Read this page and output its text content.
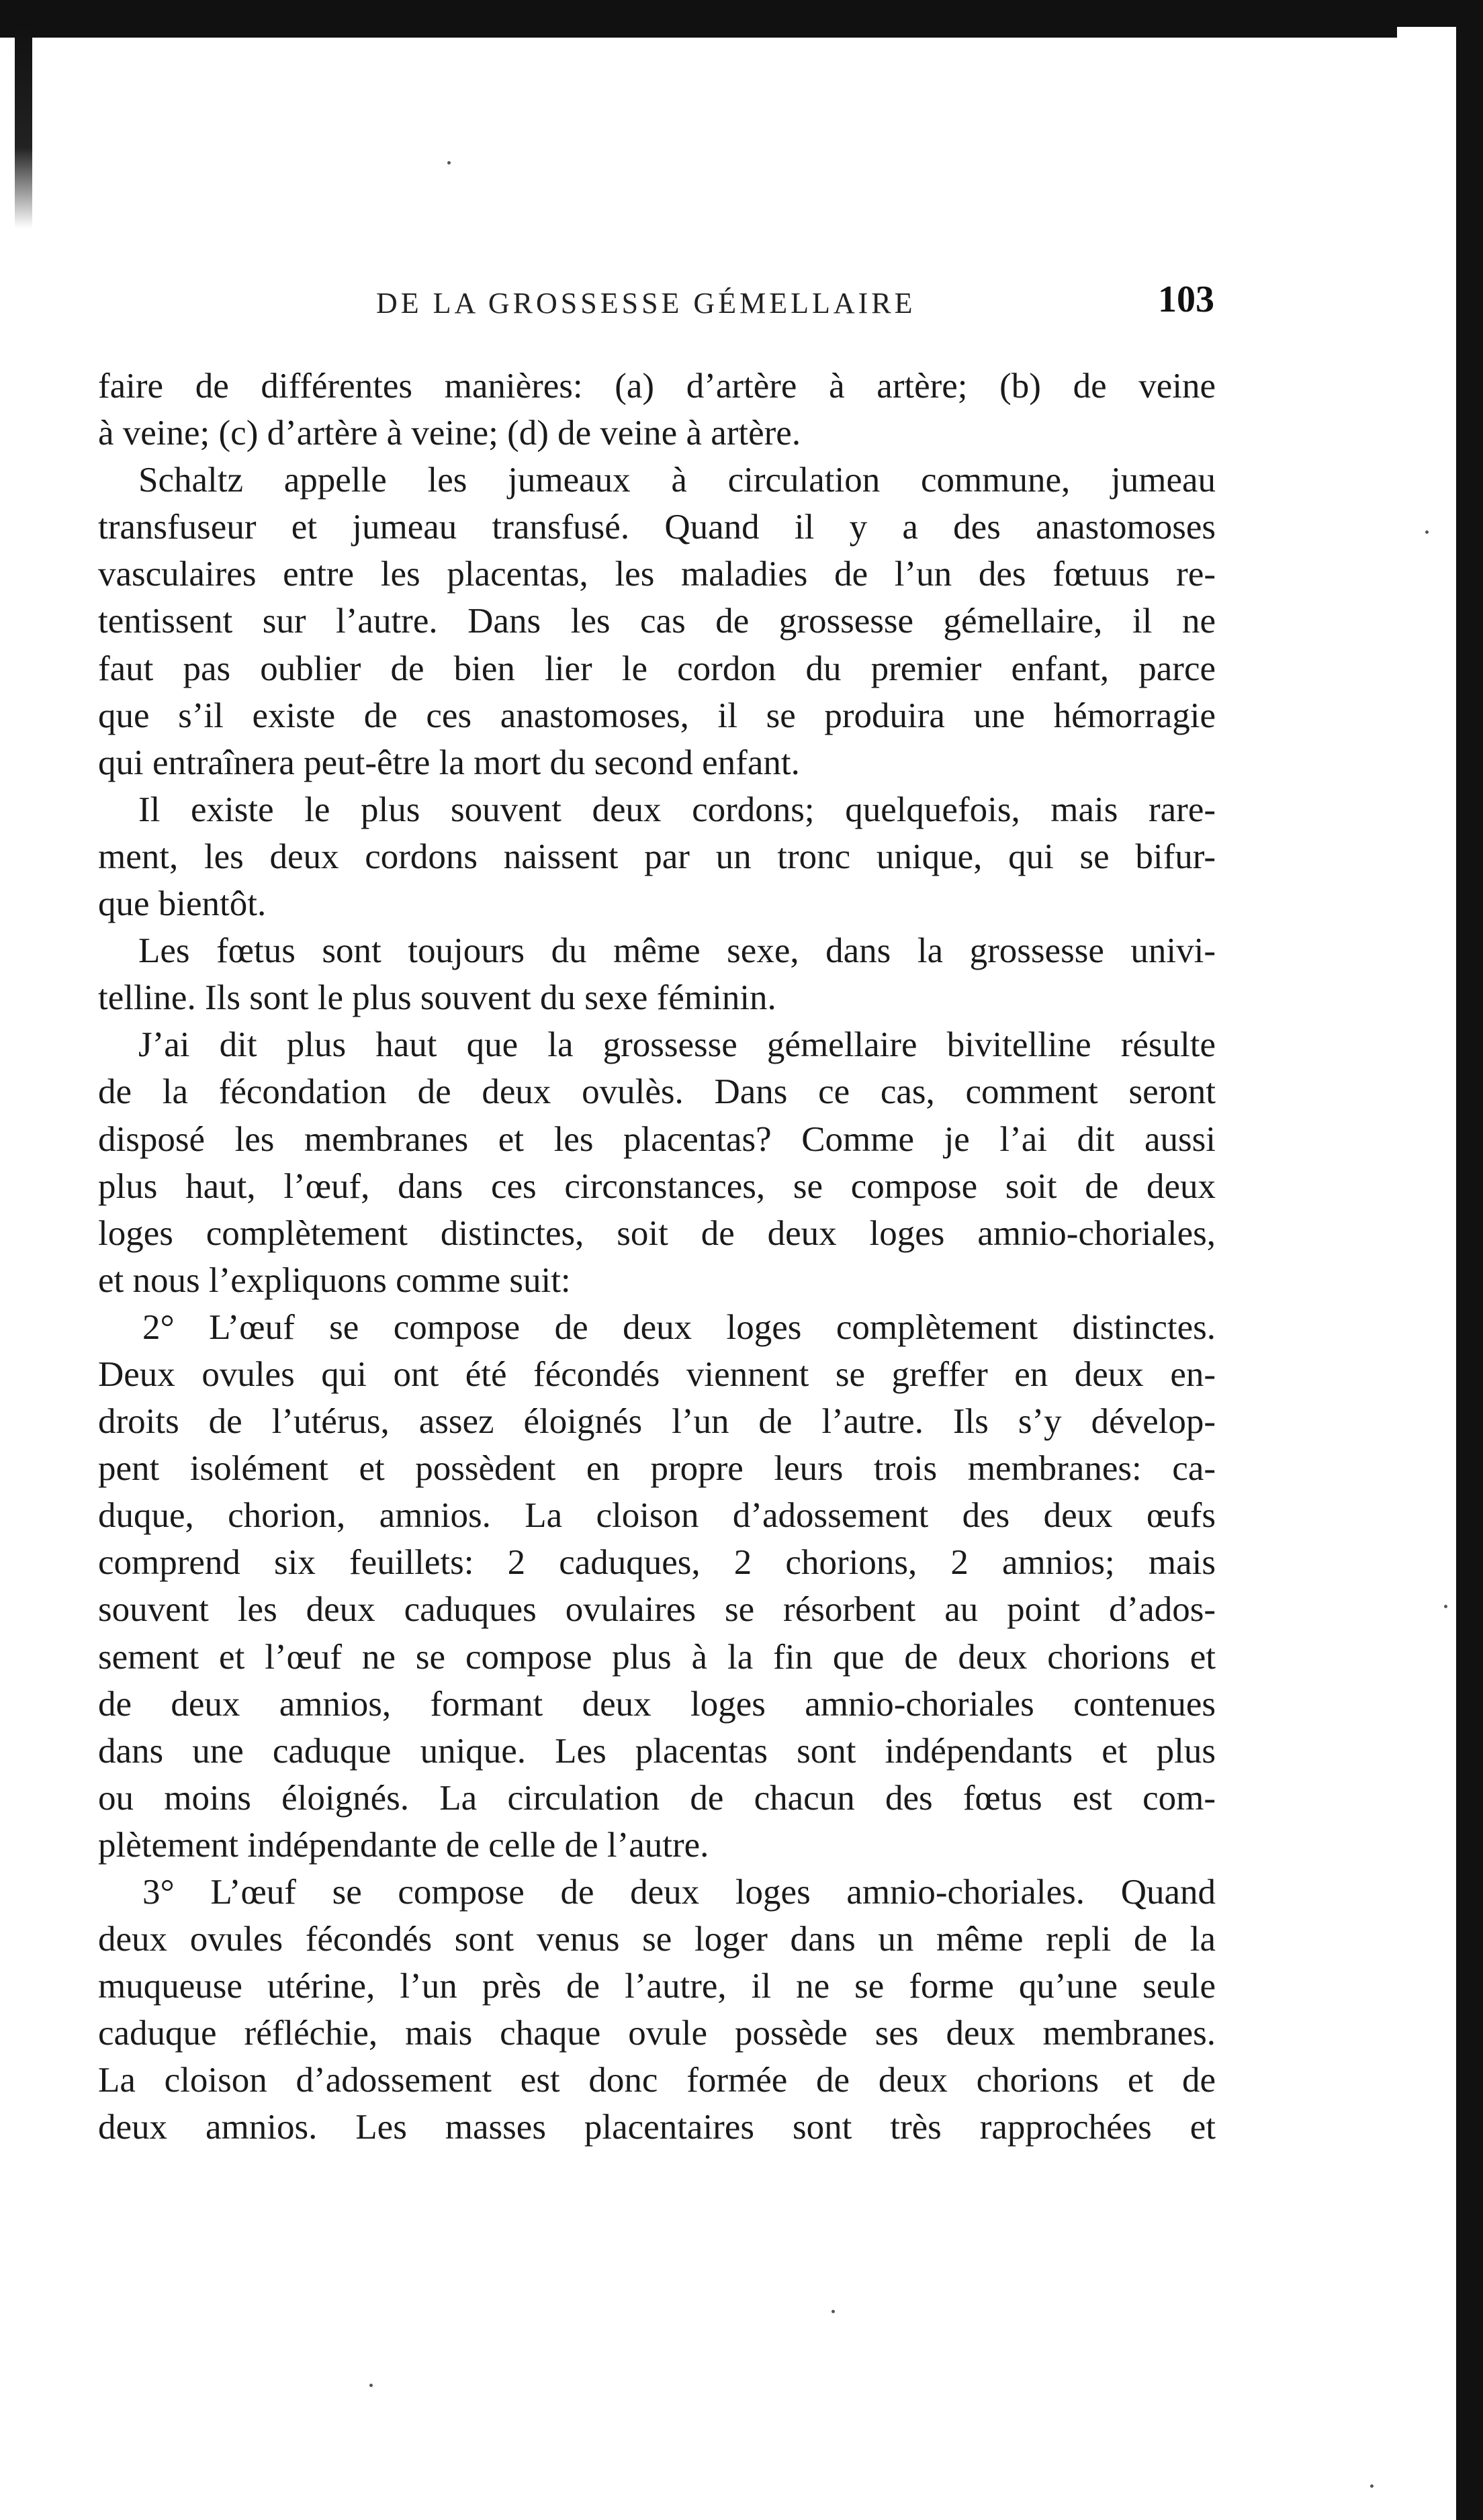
DE LA GROSSESSE GÉMELLAIRE	103
faire de différentes manières: (a) d’artère à artère; (b) de veine
à veine; (c) d’artère à veine; (d) de veine à artère.
Schaltz appelle les jumeaux à circulation commune, jumeau
transfuseur et jumeau transfusé. Quand il y a des anastomoses
vasculaires entre les placentas, les maladies de l’un des fœtuus re-
tentissent sur l’autre. Dans les cas de grossesse gémellaire, il ne
faut pas oublier de bien lier le cordon du premier enfant, parce
que s’il existe de ces anastomoses, il se produira une hémorragie
qui entraînera peut-être la mort du second enfant.
Il existe le plus souvent deux cordons; quelquefois, mais rare-
ment, les deux cordons naissent par un tronc unique, qui se bifur-
que bientôt.
Les fœtus sont toujours du même sexe, dans la grossesse univi-
telline. Ils sont le plus souvent du sexe féminin.
J’ai dit plus haut que la grossesse gémellaire bivitelline résulte
de la fécondation de deux ovulès. Dans ce cas, comment seront
disposé les membranes et les placentas? Comme je l’ai dit aussi
plus haut, l’œuf, dans ces circonstances, se compose soit de deux
loges complètement distinctes, soit de deux loges amnio-choriales,
et nous l’expliquons comme suit:
2° L’œuf se compose de deux loges complètement distinctes.
Deux ovules qui ont été fécondés viennent se greffer en deux en-
droits de l’utérus, assez éloignés l’un de l’autre. Ils s’y dévelop-
pent isolément et possèdent en propre leurs trois membranes: ca-
duque, chorion, amnios. La cloison d’adossement des deux œufs
comprend six feuillets: 2 caduques, 2 chorions, 2 amnios; mais
souvent les deux caduques ovulaires se résorbent au point d’ados-
sement et l’œuf ne se compose plus à la fin que de deux chorions et
de deux amnios, formant deux loges amnio-choriales contenues
dans une caduque unique. Les placentas sont indépendants et plus
ou moins éloignés. La circulation de chacun des fœtus est com-
plètement indépendante de celle de l’autre.
3° L’œuf se compose de deux loges amnio-choriales. Quand
deux ovules fécondés sont venus se loger dans un même repli de la
muqueuse utérine, l’un près de l’autre, il ne se forme qu’une seule
caduque réfléchie, mais chaque ovule possède ses deux membranes.
La cloison d’adossement est donc formée de deux chorions et de
deux amnios. Les masses placentaires sont très rapprochées et
